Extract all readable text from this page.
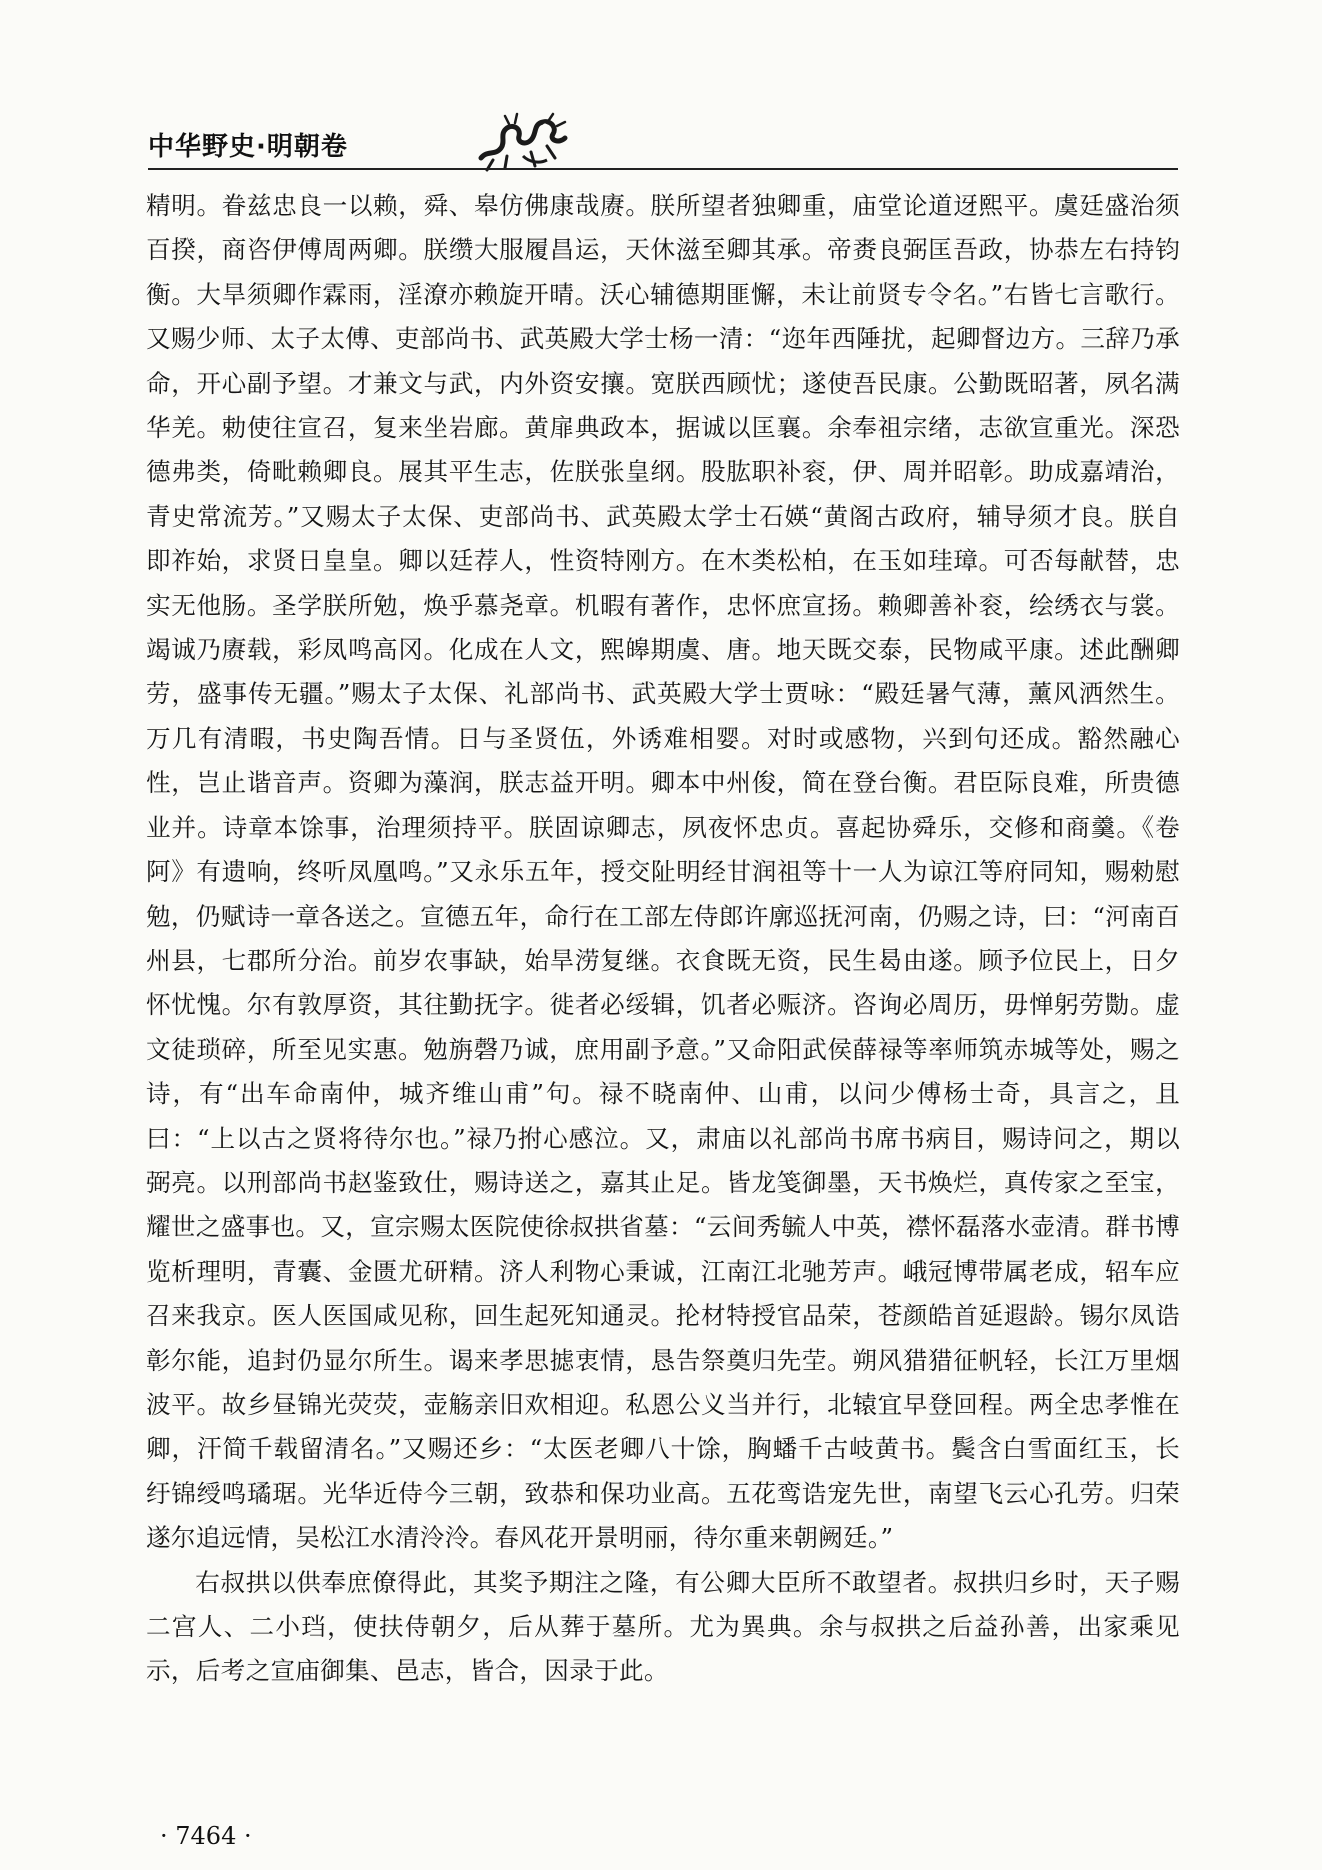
中华野史·明朝卷

精明。眷兹忠良一以赖，舜、皋仿佛康哉赓。朕所望者独卿重，庙堂论道迓熙平。虞廷盛治须百揆，商咨伊傅周两卿。朕缵大服履昌运，天休滋至卿其承。帝赉良弼匡吾政，协恭左右持钧衡。大旱须卿作霖雨，淫潦亦赖旋开晴。沃心辅德期匪懈，未让前贤专令名。”右皆七言歌行。又赐少师、太子太傅、吏部尚书、武英殿大学士杨一清：“迩年西陲扰，起卿督边方。三辞乃承命，开心副予望。才兼文与武，内外资安攘。宽朕西顾忧；遂使吾民康。公勤既昭著，夙名满华羌。勅使往宣召，复来坐岩廊。黄扉典政本，据诚以匡襄。余奉祖宗绪，志欲宣重光。深恐德弗类，倚毗赖卿良。展其平生志，佐朕张皇纲。股肱职补衮，伊、周并昭彰。助成嘉靖治，青史常流芳。”又赐太子太保、吏部尚书、武英殿太学士石媖“黄阁古政府，辅导须才良。朕自即祚始，求贤日皇皇。卿以廷荐人，性资特刚方。在木类松柏，在玉如珪璋。可否每献替，忠实无他肠。圣学朕所勉，焕乎慕尧章。机暇有著作，忠怀庶宣扬。赖卿善补衮，绘绣衣与裳。竭诚乃赓载，彩凤鸣高冈。化成在人文，熙皞期虞、唐。地天既交泰，民物咸平康。述此酬卿劳，盛事传无疆。”赐太子太保、礼部尚书、武英殿大学士贾咏：“殿廷暑气薄，薰风洒然生。万几有清暇，书史陶吾情。日与圣贤伍，外诱难相婴。对时或感物，兴到句还成。豁然融心性，岂止谐音声。资卿为藻润，朕志益开明。卿本中州俊，简在登台衡。君臣际良难，所贵德业并。诗章本馀事，治理须持平。朕固谅卿志，夙夜怀忠贞。喜起协舜乐，交修和商羹。《卷阿》有遗响，终听凤凰鸣。”又永乐五年，授交阯明经甘润祖等十一人为谅江等府同知，赐勑慰勉，仍赋诗一章各送之。宣德五年，命行在工部左侍郎许廓巡抚河南，仍赐之诗，曰：“河南百州县，七郡所分治。前岁农事缺，始旱涝复继。衣食既无资，民生曷由遂。顾予位民上，日夕怀忧愧。尔有敦厚资，其往勤抚字。徙者必绥辑，饥者必赈济。咨询必周历，毋惮躬劳勚。虚文徒琐碎，所至见实惠。勉旃磬乃诚，庶用副予意。”又命阳武侯薛禄等率师筑赤城等处，赐之诗，有“出车命南仲，城齐维山甫”句。禄不晓南仲、山甫，以问少傅杨士奇，具言之，且曰：“上以古之贤将待尔也。”禄乃拊心感泣。又，肃庙以礼部尚书席书病目，赐诗问之，期以弼亮。以刑部尚书赵鉴致仕，赐诗送之，嘉其止足。皆龙笺御墨，天书焕烂，真传家之至宝，耀世之盛事也。又，宣宗赐太医院使徐叔拱省墓：“云间秀毓人中英，襟怀磊落水壶清。群书博览析理明，青囊、金匮尤研精。济人利物心秉诚，江南江北驰芳声。峨冠博带属老成，轺车应召来我京。医人医国咸见称，回生起死知通灵。抡材特授官品荣，苍颜皓首延遐龄。锡尔凤诰彰尔能，追封仍显尔所生。谒来孝思摅衷情，恳告祭奠归先茔。朔风猎猎征帆轻，长江万里烟波平。故乡昼锦光荧荧，壶觞亲旧欢相迎。私恩公义当并行，北辕宜早登回程。两全忠孝惟在卿，汗简千载留清名。”又赐还乡：“太医老卿八十馀，胸蟠千古岐黄书。鬓含白雪面红玉，长纡锦绶鸣璚琚。光华近侍今三朝，致恭和保功业高。五花鸾诰宠先世，南望飞云心孔劳。归荣遂尔追远情，吴松江水清泠泠。春风花开景明丽，待尔重来朝阙廷。”

右叔拱以供奉庶僚得此，其奖予期注之隆，有公卿大臣所不敢望者。叔拱归乡时，天子赐二宫人、二小珰，使扶侍朝夕，后从葬于墓所。尤为異典。余与叔拱之后益孙善，出家乘见示，后考之宣庙御集、邑志，皆合，因录于此。

· 7464 ·
